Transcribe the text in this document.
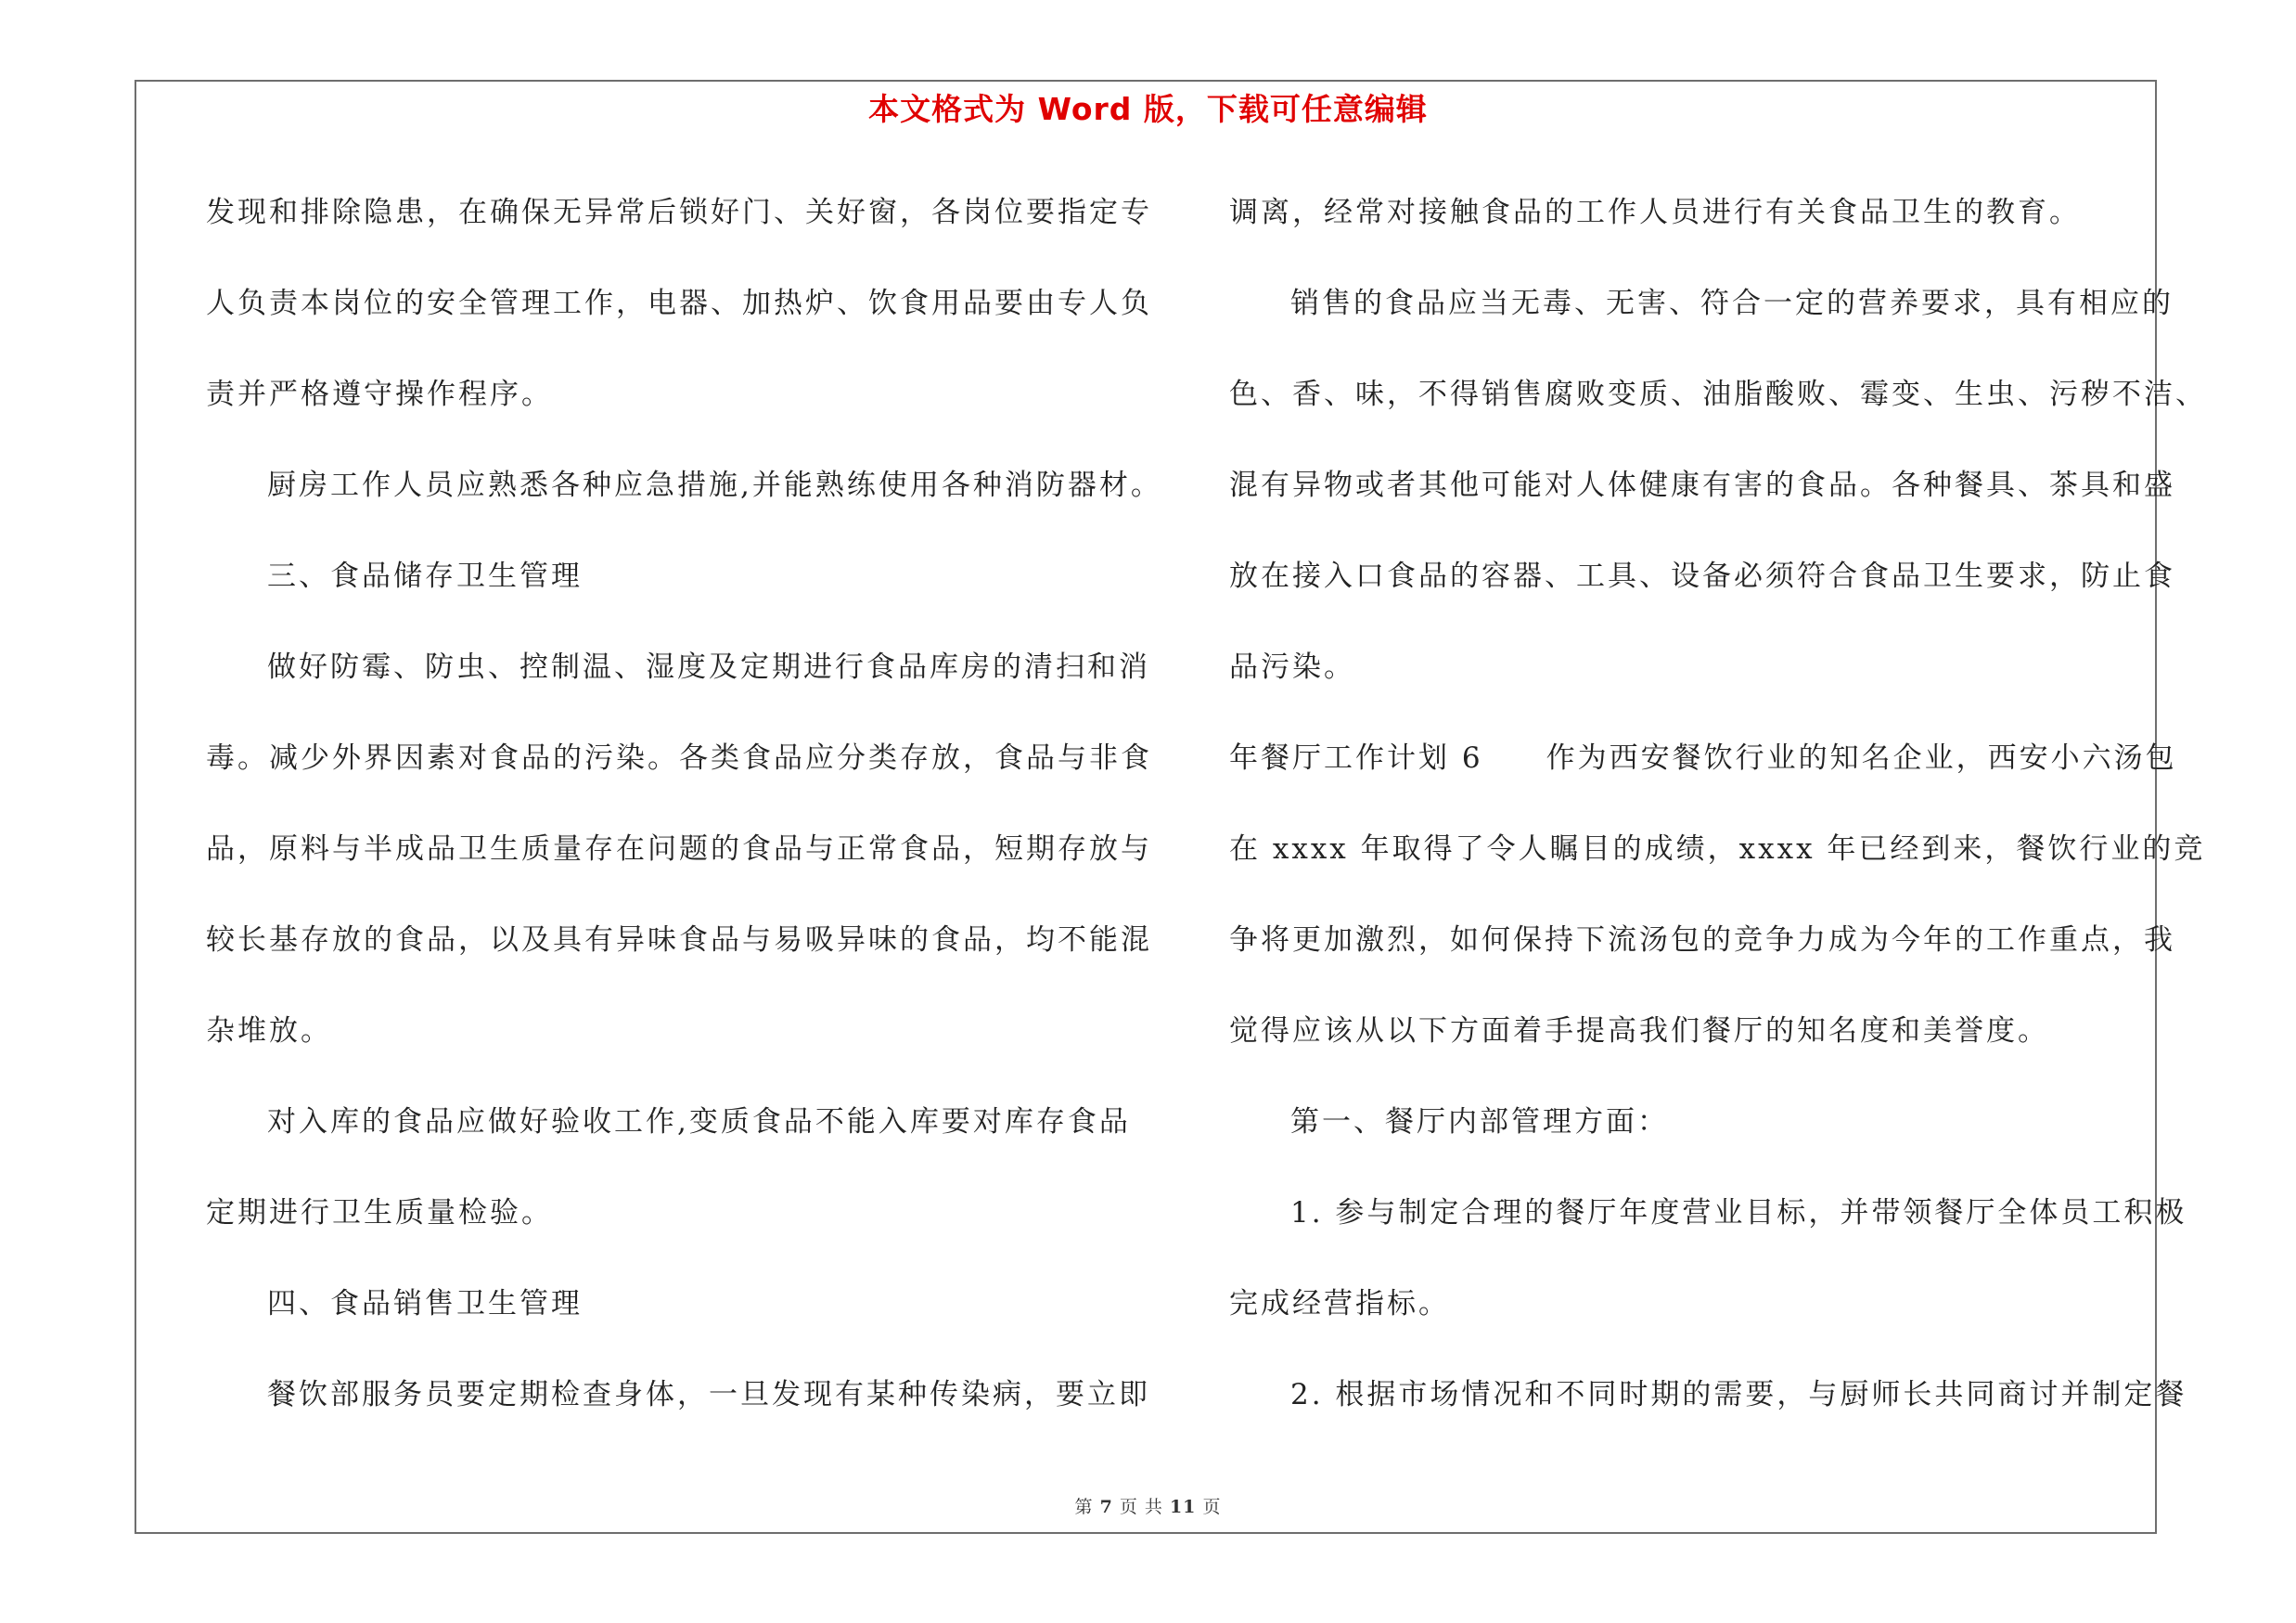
本文格式为 Word 版，下载可任意编辑
发现和排除隐患，在确保无异常后锁好门、关好窗，各岗位要指定专
人负责本岗位的安全管理工作，电器、加热炉、饮食用品要由专人负
责并严格遵守操作程序。
厨房工作人员应熟悉各种应急措施,并能熟练使用各种消防器材。
三、食品储存卫生管理
做好防霉、防虫、控制温、湿度及定期进行食品库房的清扫和消
毒。减少外界因素对食品的污染。各类食品应分类存放，食品与非食
品，原料与半成品卫生质量存在问题的食品与正常食品，短期存放与
较长基存放的食品，以及具有异味食品与易吸异味的食品，均不能混
杂堆放。
对入库的食品应做好验收工作,变质食品不能入库要对库存食品
定期进行卫生质量检验。
四、食品销售卫生管理
餐饮部服务员要定期检查身体，一旦发现有某种传染病，要立即
调离，经常对接触食品的工作人员进行有关食品卫生的教育。
销售的食品应当无毒、无害、符合一定的营养要求，具有相应的
色、香、味，不得销售腐败变质、油脂酸败、霉变、生虫、污秽不洁、
混有异物或者其他可能对人体健康有害的食品。各种餐具、茶具和盛
放在接入口食品的容器、工具、设备必须符合食品卫生要求，防止食
品污染。
年餐厅工作计划 6　　作为西安餐饮行业的知名企业，西安小六汤包
在 xxxx 年取得了令人瞩目的成绩，xxxx 年已经到来，餐饮行业的竞
争将更加激烈，如何保持下流汤包的竞争力成为今年的工作重点，我
觉得应该从以下方面着手提高我们餐厅的知名度和美誉度。
第一、餐厅内部管理方面：
1. 参与制定合理的餐厅年度营业目标，并带领餐厅全体员工积极
完成经营指标。
2. 根据市场情况和不同时期的需要，与厨师长共同商讨并制定餐
第 7 页 共 11 页
